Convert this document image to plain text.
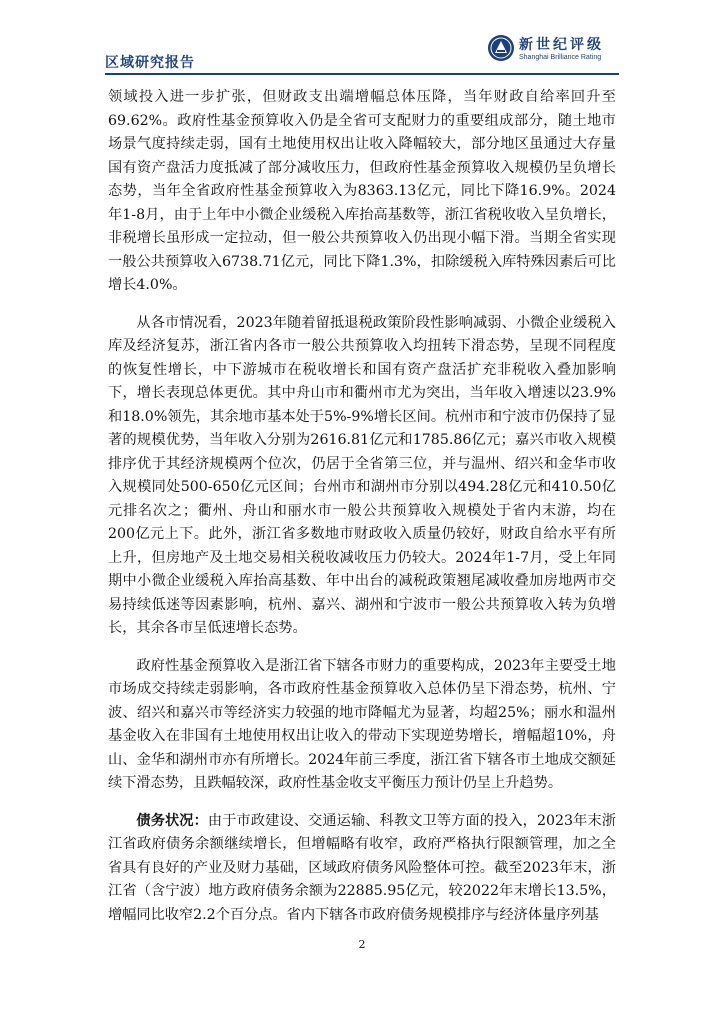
区域研究报告
新世纪评级
Shanghai Brilliance Rating

领域投入进一步扩张，但财政支出端增幅总体压降，当年财政自给率回升至69.62%。政府性基金预算收入仍是全省可支配财力的重要组成部分，随土地市场景气度持续走弱，国有土地使用权出让收入降幅较大，部分地区虽通过大存量国有资产盘活力度抵减了部分减收压力，但政府性基金预算收入规模仍呈负增长态势，当年全省政府性基金预算收入为8363.13亿元，同比下降16.9%。2024年1-8月，由于上年中小微企业缓税入库抬高基数等，浙江省税收收入呈负增长，非税增长虽形成一定拉动，但一般公共预算收入仍出现小幅下滑。当期全省实现一般公共预算收入6738.71亿元，同比下降1.3%，扣除缓税入库特殊因素后可比增长4.0%。

从各市情况看，2023年随着留抵退税政策阶段性影响减弱、小微企业缓税入库及经济复苏，浙江省内各市一般公共预算收入均扭转下滑态势，呈现不同程度的恢复性增长，中下游城市在税收增长和国有资产盘活扩充非税收入叠加影响下，增长表现总体更优。其中舟山市和衢州市尤为突出，当年收入增速以23.9%和18.0%领先，其余地市基本处于5%-9%增长区间。杭州市和宁波市仍保持了显著的规模优势，当年收入分别为2616.81亿元和1785.86亿元；嘉兴市收入规模排序优于其经济规模两个位次，仍居于全省第三位，并与温州、绍兴和金华市收入规模同处500-650亿元区间；台州市和湖州市分别以494.28亿元和410.50亿元排名次之；衢州、舟山和丽水市一般公共预算收入规模处于省内末游，均在200亿元上下。此外，浙江省多数地市财政收入质量仍较好，财政自给水平有所上升，但房地产及土地交易相关税收减收压力仍较大。2024年1-7月，受上年同期中小微企业缓税入库抬高基数、年中出台的减税政策翘尾减收叠加房地两市交易持续低迷等因素影响，杭州、嘉兴、湖州和宁波市一般公共预算收入转为负增长，其余各市呈低速增长态势。

政府性基金预算收入是浙江省下辖各市财力的重要构成，2023年主要受土地市场成交持续走弱影响，各市政府性基金预算收入总体仍呈下滑态势，杭州、宁波、绍兴和嘉兴市等经济实力较强的地市降幅尤为显著，均超25%；丽水和温州基金收入在非国有土地使用权出让收入的带动下实现逆势增长，增幅超10%，舟山、金华和湖州市亦有所增长。2024年前三季度，浙江省下辖各市土地成交额延续下滑态势，且跌幅较深，政府性基金收支平衡压力预计仍呈上升趋势。

债务状况：由于市政建设、交通运输、科教文卫等方面的投入，2023年末浙江省政府债务余额继续增长，但增幅略有收窄，政府严格执行限额管理，加之全省具有良好的产业及财力基础，区域政府债务风险整体可控。截至2023年末，浙江省（含宁波）地方政府债务余额为22885.95亿元，较2022年末增长13.5%，增幅同比收窄2.2个百分点。省内下辖各市政府债务规模排序与经济体量序列基

2
